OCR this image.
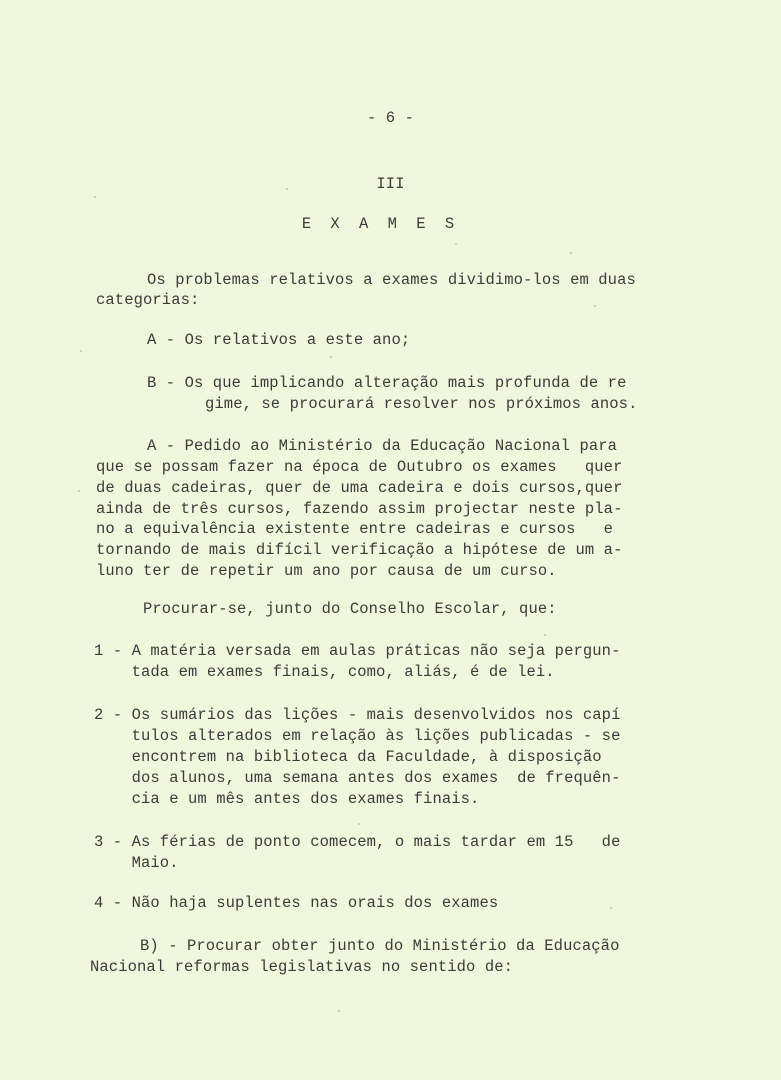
- 6 -
III
E X A M E S
Os problemas relativos a exames dividimo-los em duas
categorias:
A - Os relativos a este ano;
B - Os que implicando alteração mais profunda de re
gime, se procurará resolver nos próximos anos.
A - Pedido ao Ministério da Educação Nacional para
que se possam fazer na época de Outubro os exames   quer
de duas cadeiras, quer de uma cadeira e dois cursos,quer
ainda de três cursos, fazendo assim projectar neste pla-
no a equivalência existente entre cadeiras e cursos   e
tornando de mais difícil verificação a hipótese de um a-
luno ter de repetir um ano por causa de um curso.
Procurar-se, junto do Conselho Escolar, que:
1 - A matéria versada em aulas práticas não seja pergun-
tada em exames finais, como, aliás, é de lei.
2 - Os sumários das lições - mais desenvolvidos nos capí
tulos alterados em relação às lições publicadas - se
encontrem na biblioteca da Faculdade, à disposição
dos alunos, uma semana antes dos exames  de frequên-
cia e um mês antes dos exames finais.
3 - As férias de ponto comecem, o mais tardar em 15   de
Maio.
4 - Não haja suplentes nas orais dos exames
B) - Procurar obter junto do Ministério da Educação
Nacional reformas legislativas no sentido de:
